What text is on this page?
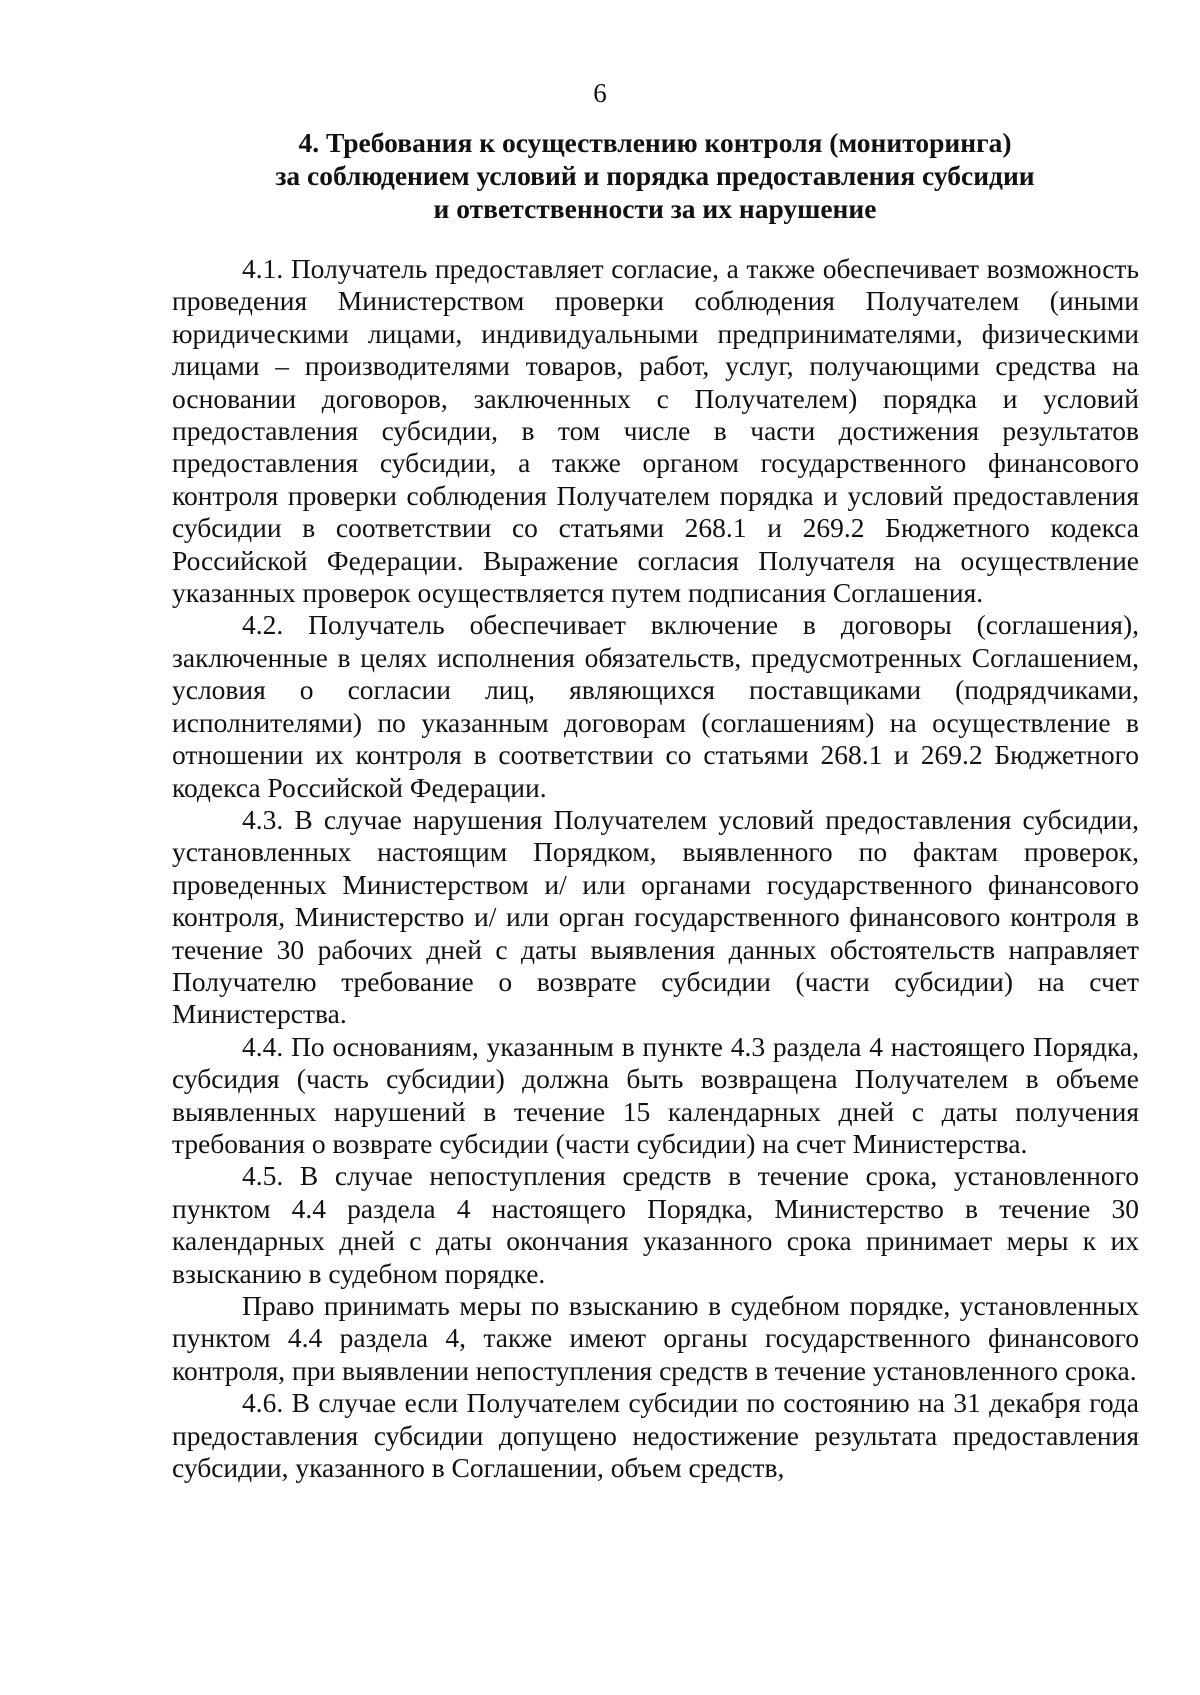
6
4. Требования к осуществлению контроля (мониторинга)
за соблюдением условий и порядка предоставления субсидии
и ответственности за их нарушение

4.1. Получатель предоставляет согласие, а также обеспечивает возможность проведения Министерством проверки соблюдения Получателем (иными юридическими лицами, индивидуальными предпринимателями, физическими лицами – производителями товаров, работ, услуг, получающими средства на основании договоров, заключенных с Получателем) порядка и условий предоставления субсидии, в том числе в части достижения результатов предоставления субсидии, а также органом государственного финансового контроля проверки соблюдения Получателем порядка и условий предоставления субсидии в соответствии со статьями 268.1 и 269.2 Бюджетного кодекса Российской Федерации. Выражение согласия Получателя на осуществление указанных проверок осуществляется путем подписания Соглашения.

4.2. Получатель обеспечивает включение в договоры (соглашения), заключенные в целях исполнения обязательств, предусмотренных Соглашением, условия о согласии лиц, являющихся поставщиками (подрядчиками, исполнителями) по указанным договорам (соглашениям) на осуществление в отношении их контроля в соответствии со статьями 268.1 и 269.2 Бюджетного кодекса Российской Федерации.

4.3. В случае нарушения Получателем условий предоставления субсидии, установленных настоящим Порядком, выявленного по фактам проверок, проведенных Министерством и/ или органами государственного финансового контроля, Министерство и/ или орган государственного финансового контроля в течение 30 рабочих дней с даты выявления данных обстоятельств направляет Получателю требование о возврате субсидии (части субсидии) на счет Министерства.

4.4. По основаниям, указанным в пункте 4.3 раздела 4 настоящего Порядка, субсидия (часть субсидии) должна быть возвращена Получателем в объеме выявленных нарушений в течение 15 календарных дней с даты получения требования о возврате субсидии (части субсидии) на счет Министерства.

4.5. В случае непоступления средств в течение срока, установленного пунктом 4.4 раздела 4 настоящего Порядка, Министерство в течение 30 календарных дней с даты окончания указанного срока принимает меры к их взысканию в судебном порядке.

Право принимать меры по взысканию в судебном порядке, установленных пунктом 4.4 раздела 4, также имеют органы государственного финансового контроля, при выявлении непоступления средств в течение установленного срока.

4.6. В случае если Получателем субсидии по состоянию на 31 декабря года предоставления субсидии допущено недостижение результата предоставления субсидии, указанного в Соглашении, объем средств,
